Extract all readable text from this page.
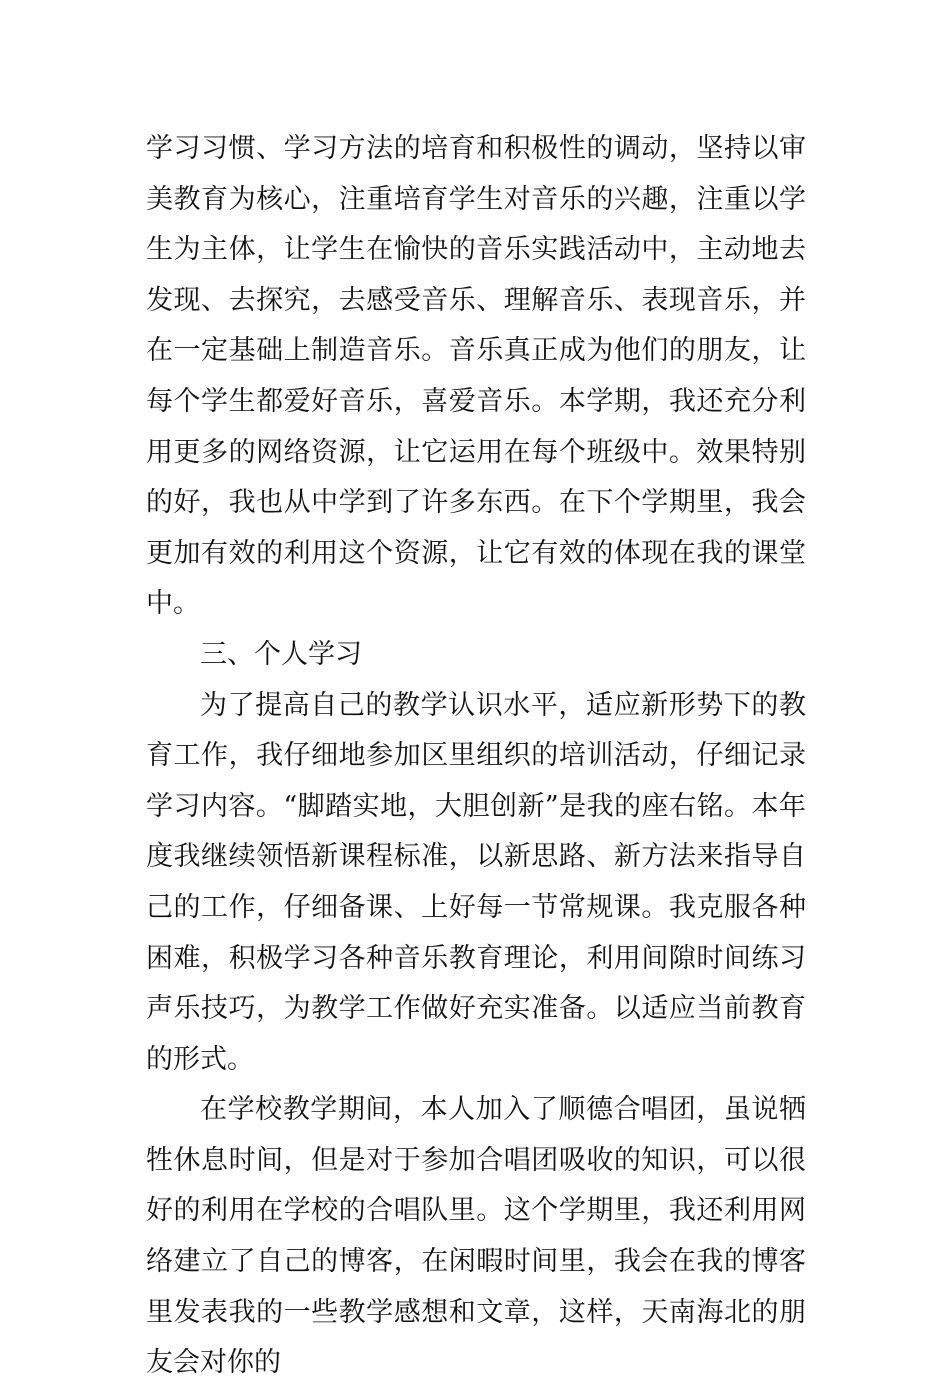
学习习惯、学习方法的培育和积极性的调动，坚持以审美教育为核心，注重培育学生对音乐的兴趣，注重以学生为主体，让学生在愉快的音乐实践活动中，主动地去发现、去探究，去感受音乐、理解音乐、表现音乐，并在一定基础上制造音乐。音乐真正成为他们的朋友，让每个学生都爱好音乐，喜爱音乐。本学期，我还充分利用更多的网络资源，让它运用在每个班级中。效果特别的好，我也从中学到了许多东西。在下个学期里，我会更加有效的利用这个资源，让它有效的体现在我的课堂中。

三、个人学习

为了提高自己的教学认识水平，适应新形势下的教育工作，我仔细地参加区里组织的培训活动，仔细记录学习内容。“脚踏实地，大胆创新”是我的座右铭。本年度我继续领悟新课程标准，以新思路、新方法来指导自己的工作，仔细备课、上好每一节常规课。我克服各种困难，积极学习各种音乐教育理论，利用间隙时间练习声乐技巧，为教学工作做好充实准备。以适应当前教育的形式。

在学校教学期间，本人加入了顺德合唱团，虽说牺牲休息时间，但是对于参加合唱团吸收的知识，可以很好的利用在学校的合唱队里。这个学期里，我还利用网络建立了自己的博客，在闲暇时间里，我会在我的博客里发表我的一些教学感想和文章，这样，天南海北的朋友会对你的
